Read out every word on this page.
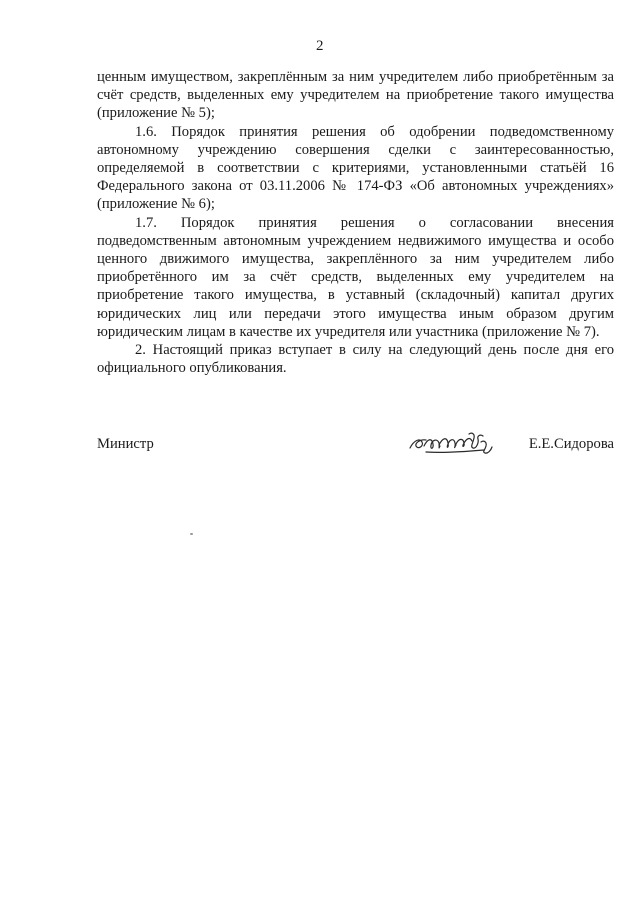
2

ценным имуществом, закреплённым за ним учредителем либо приобретённым за счёт средств, выделенных ему учредителем на приобретение такого имущества (приложение № 5);

1.6. Порядок принятия решения об одобрении подведомственному автономному учреждению совершения сделки с заинтересованностью, определяемой в соответствии с критериями, установленными статьёй 16 Федерального закона от 03.11.2006 № 174-ФЗ «Об автономных учреждениях» (приложение № 6);

1.7. Порядок принятия решения о согласовании внесения подведомственным автономным учреждением недвижимого имущества и особо ценного движимого имущества, закреплённого за ним учредителем либо приобретённого им за счёт средств, выделенных ему учредителем на приобретение такого имущества, в уставный (складочный) капитал других юридических лиц или передачи этого имущества иным образом другим юридическим лицам в качестве их учредителя или участника (приложение № 7).

2. Настоящий приказ вступает в силу на следующий день после дня его официального опубликования.

Министр	Е.Е.Сидорова
